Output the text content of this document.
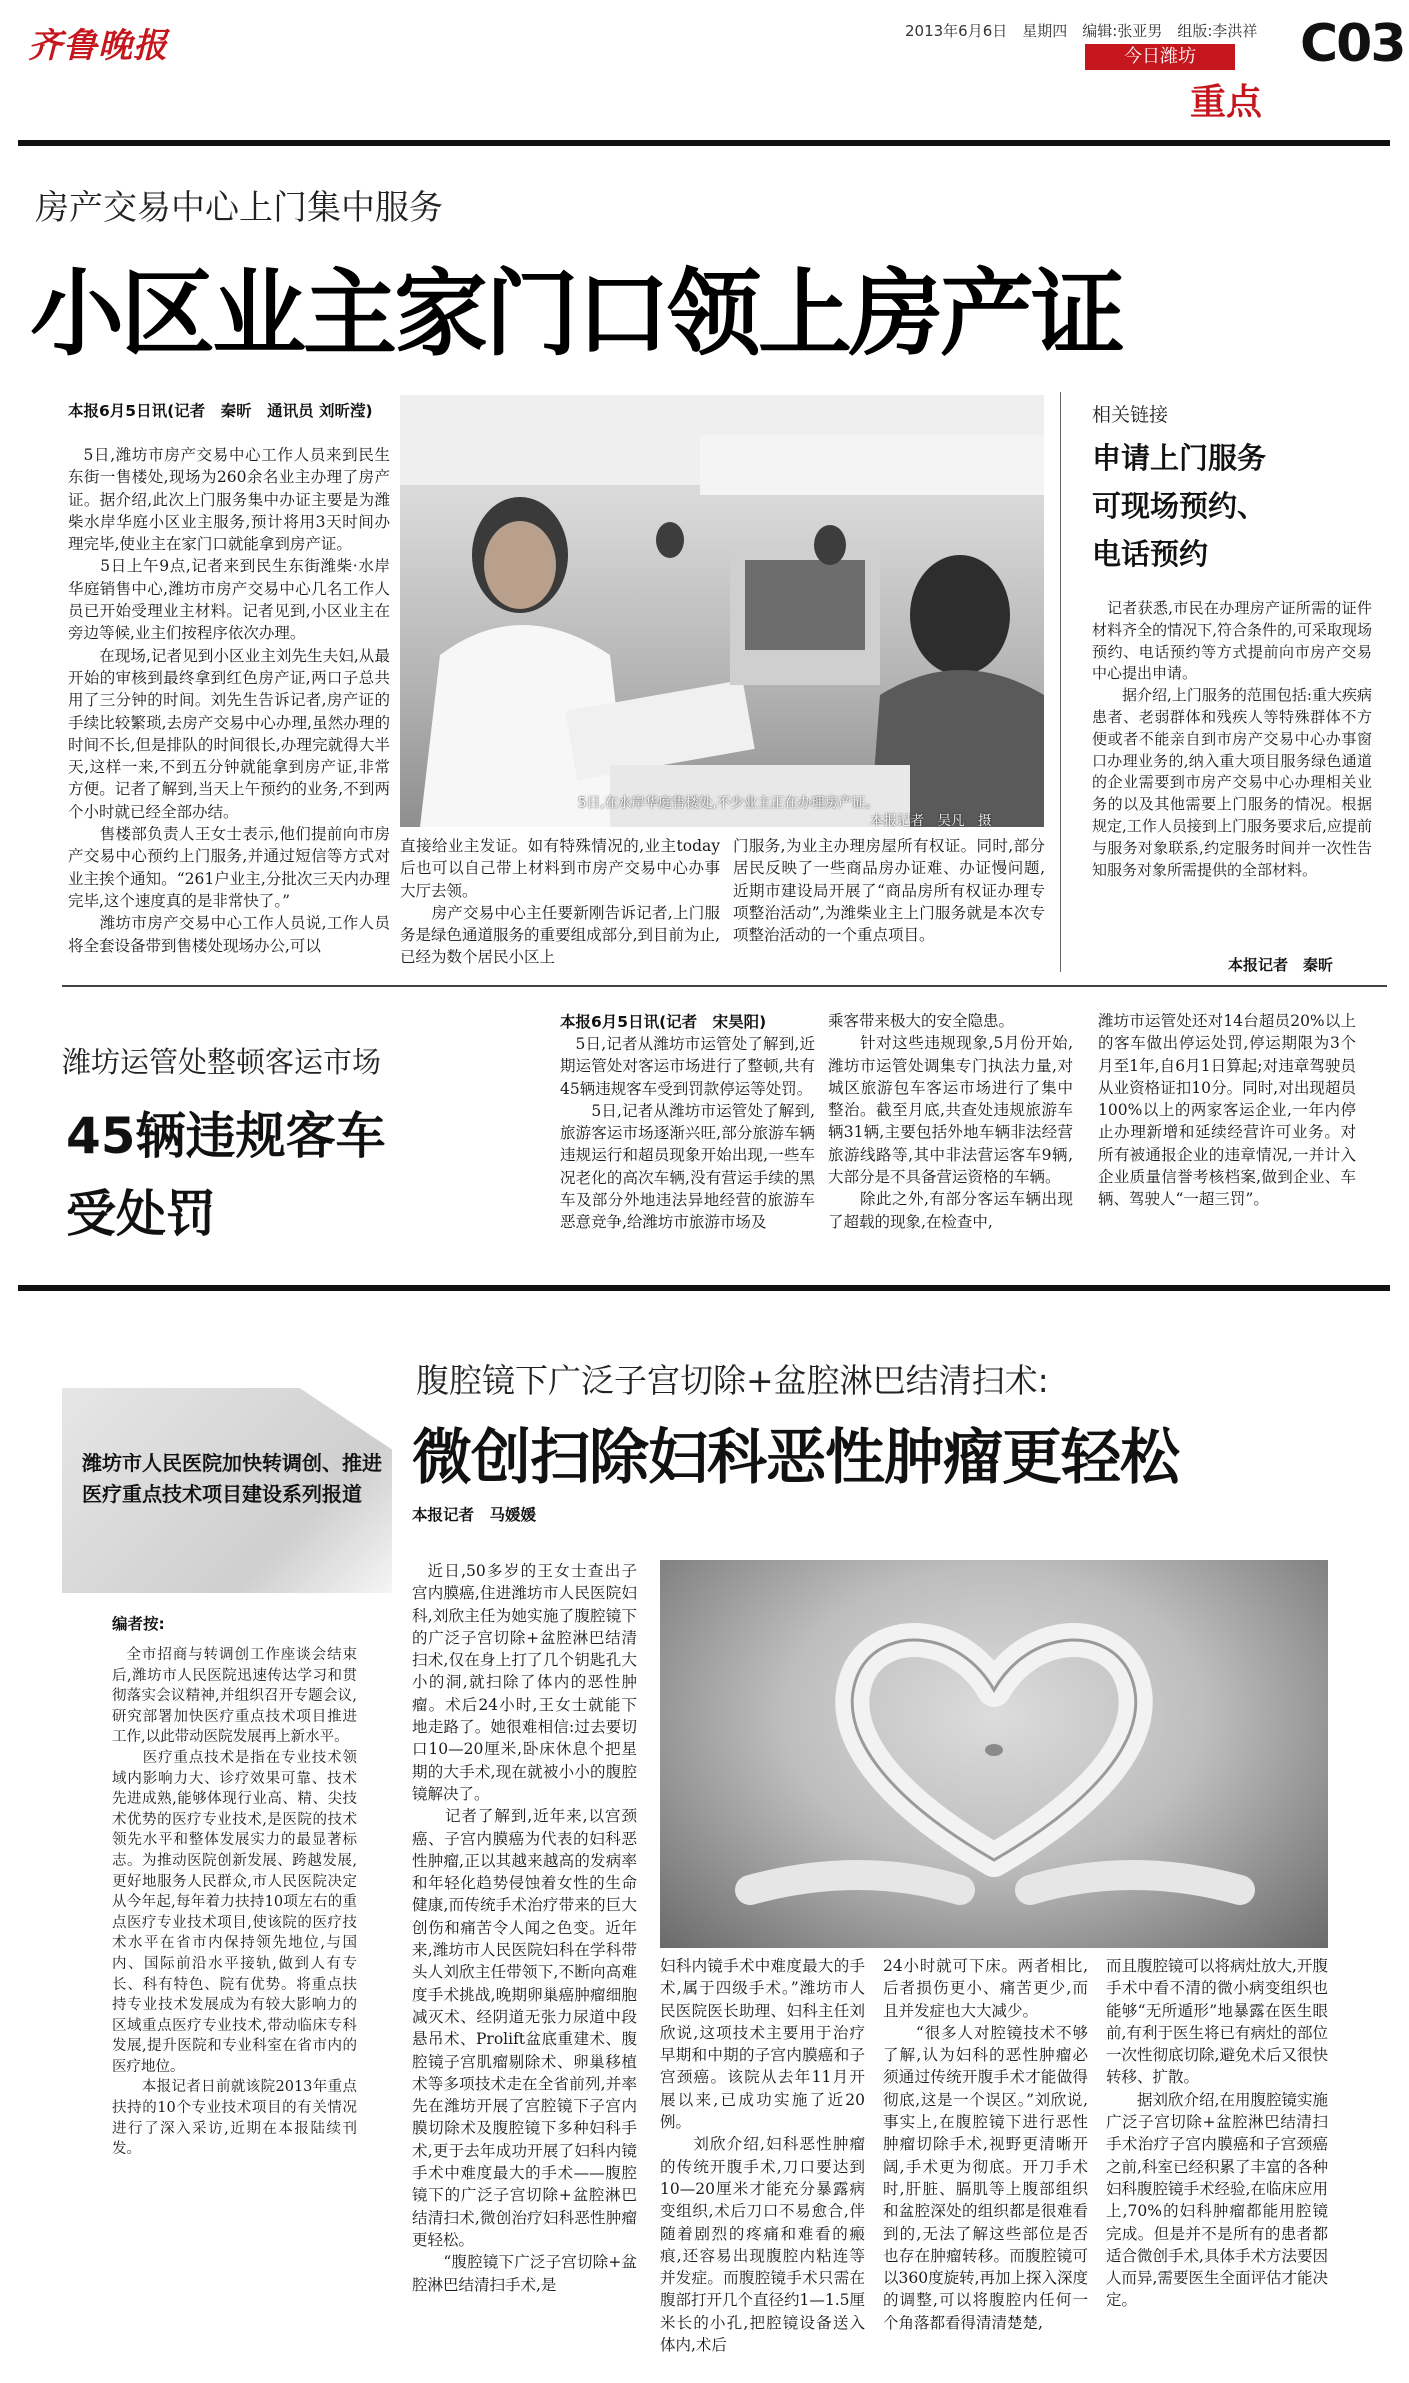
齐鲁晚报	2013年6月6日　星期四　编辑:张亚男　组版:李洪祥
今日潍坊
重点
C03
房产交易中心上门集中服务
小区业主家门口领上房产证
本报6月5日讯(记者　秦昕　通讯员 刘昕滢)
5日,潍坊市房产交易中心工作人员来到民生东街一售楼处,现场为260余名业主办理了房产证。据介绍,此次上门服务集中办证主要是为潍柴水岸华庭小区业主服务,预计将用3天时间办理完毕,使业主在家门口就能拿到房产证。
　　5日上午9点,记者来到民生东街潍柴·水岸华庭销售中心,潍坊市房产交易中心几名工作人员已开始受理业主材料。记者见到,小区业主在旁边等候,业主们按程序依次办理。
　　在现场,记者见到小区业主刘先生夫妇,从最开始的审核到最终拿到红色房产证,两口子总共用了三分钟的时间。刘先生告诉记者,房产证的手续比较繁琐,去房产交易中心办理,虽然办理的时间不长,但是排队的时间很长,办理完就得大半天,这样一来,不到五分钟就能拿到房产证,非常方便。记者了解到,当天上午预约的业务,不到两个小时就已经全部办结。
　　售楼部负责人王女士表示,他们提前向市房产交易中心预约上门服务,并通过短信等方式对业主挨个通知。“261户业主,分批次三天内办理完毕,这个速度真的是非常快了。”
　　潍坊市房产交易中心工作人员说,工作人员将全套设备带到售楼处现场办公,可以
5日,在水岸华庭售楼处,不少业主正在办理房产证。
本报记者　吴凡　摄
直接给业主发证。如有特殊情况的,业主today后也可以自己带上材料到市房产交易中心办事大厅去领。
　　房产交易中心主任要新刚告诉记者,上门服务是绿色通道服务的重要组成部分,到目前为止,已经为数个居民小区上
门服务,为业主办理房屋所有权证。同时,部分居民反映了一些商品房办证难、办证慢问题,近期市建设局开展了“商品房所有权证办理专项整治活动”,为潍柴业主上门服务就是本次专项整治活动的一个重点项目。
相关链接
申请上门服务
可现场预约、
电话预约
记者获悉,市民在办理房产证所需的证件材料齐全的情况下,符合条件的,可采取现场预约、电话预约等方式提前向市房产交易中心提出申请。
　　据介绍,上门服务的范围包括:重大疾病患者、老弱群体和残疾人等特殊群体不方便或者不能亲自到市房产交易中心办事窗口办理业务的,纳入重大项目服务绿色通道的企业需要到市房产交易中心办理相关业务的以及其他需要上门服务的情况。根据规定,工作人员接到上门服务要求后,应提前与服务对象联系,约定服务时间并一次性告知服务对象所需提供的全部材料。
本报记者　秦昕
潍坊运管处整顿客运市场
45辆违规客车
受处罚
本报6月5日讯(记者　宋昊阳)
5日,记者从潍坊市运管处了解到,近期运管处对客运市场进行了整顿,共有45辆违规客车受到罚款停运等处罚。
　　5日,记者从潍坊市运管处了解到,旅游客运市场逐渐兴旺,部分旅游车辆违规运行和超员现象开始出现,一些车况老化的高次车辆,没有营运手续的黑车及部分外地违法异地经营的旅游车恶意竞争,给潍坊市旅游市场及
乘客带来极大的安全隐患。
　　针对这些违规现象,5月份开始,潍坊市运管处调集专门执法力量,对城区旅游包车客运市场进行了集中整治。截至月底,共查处违规旅游车辆31辆,主要包括外地车辆非法经营旅游线路等,其中非法营运客车9辆,大部分是不具备营运资格的车辆。
　　除此之外,有部分客运车辆出现了超载的现象,在检查中,
潍坊市运管处还对14台超员20%以上的客车做出停运处罚,停运期限为3个月至1年,自6月1日算起;对违章驾驶员从业资格证扣10分。同时,对出现超员100%以上的两家客运企业,一年内停止办理新增和延续经营许可业务。对所有被通报企业的违章情况,一并计入企业质量信誉考核档案,做到企业、车辆、驾驶人“一超三罚”。
潍坊市人民医院加快转调创、推进医疗重点技术项目建设系列报道
编者按:
全市招商与转调创工作座谈会结束后,潍坊市人民医院迅速传达学习和贯彻落实会议精神,并组织召开专题会议,研究部署加快医疗重点技术项目推进工作,以此带动医院发展再上新水平。
　　医疗重点技术是指在专业技术领域内影响力大、诊疗效果可靠、技术先进成熟,能够体现行业高、精、尖技术优势的医疗专业技术,是医院的技术领先水平和整体发展实力的最显著标志。为推动医院创新发展、跨越发展,更好地服务人民群众,市人民医院决定从今年起,每年着力扶持10项左右的重点医疗专业技术项目,使该院的医疗技术水平在省市内保持领先地位,与国内、国际前沿水平接轨,做到人有专长、科有特色、院有优势。将重点扶持专业技术发展成为有较大影响力的区域重点医疗专业技术,带动临床专科发展,提升医院和专业科室在省市内的医疗地位。
　　本报记者日前就该院2013年重点扶持的10个专业技术项目的有关情况进行了深入采访,近期在本报陆续刊发。
腹腔镜下广泛子宫切除+盆腔淋巴结清扫术:
微创扫除妇科恶性肿瘤更轻松
本报记者　马媛媛
近日,50多岁的王女士查出子宫内膜癌,住进潍坊市人民医院妇科,刘欣主任为她实施了腹腔镜下的广泛子宫切除+盆腔淋巴结清扫术,仅在身上打了几个钥匙孔大小的洞,就扫除了体内的恶性肿瘤。术后24小时,王女士就能下地走路了。她很难相信:过去要切口10—20厘米,卧床休息个把星期的大手术,现在就被小小的腹腔镜解决了。
　　记者了解到,近年来,以宫颈癌、子宫内膜癌为代表的妇科恶性肿瘤,正以其越来越高的发病率和年轻化趋势侵蚀着女性的生命健康,而传统手术治疗带来的巨大创伤和痛苦令人闻之色变。近年来,潍坊市人民医院妇科在学科带头人刘欣主任带领下,不断向高难度手术挑战,晚期卵巢癌肿瘤细胞减灭术、经阴道无张力尿道中段悬吊术、Prolift盆底重建术、腹腔镜子宫肌瘤剔除术、卵巢移植术等多项技术走在全省前列,并率先在潍坊开展了宫腔镜下子宫内膜切除术及腹腔镜下多种妇科手术,更于去年成功开展了妇科内镜手术中难度最大的手术——腹腔镜下的广泛子宫切除+盆腔淋巴结清扫术,微创治疗妇科恶性肿瘤更轻松。
　　“腹腔镜下广泛子宫切除+盆腔淋巴结清扫手术,是
妇科内镜手术中难度最大的手术,属于四级手术。”潍坊市人民医院医长助理、妇科主任刘欣说,这项技术主要用于治疗早期和中期的子宫内膜癌和子宫颈癌。该院从去年11月开展以来,已成功实施了近20例。
　　刘欣介绍,妇科恶性肿瘤的传统开腹手术,刀口要达到10—20厘米才能充分暴露病变组织,术后刀口不易愈合,伴随着剧烈的疼痛和难看的瘢痕,还容易出现腹腔内粘连等并发症。而腹腔镜手术只需在腹部打开几个直径约1—1.5厘米长的小孔,把腔镜设备送入体内,术后
24小时就可下床。两者相比,后者损伤更小、痛苦更少,而且并发症也大大减少。
　　“很多人对腔镜技术不够了解,认为妇科的恶性肿瘤必须通过传统开腹手术才能做得彻底,这是一个误区。”刘欣说,事实上,在腹腔镜下进行恶性肿瘤切除手术,视野更清晰开阔,手术更为彻底。开刀手术时,肝脏、膈肌等上腹部组织和盆腔深处的组织都是很难看到的,无法了解这些部位是否也存在肿瘤转移。而腹腔镜可以360度旋转,再加上探入深度的调整,可以将腹腔内任何一个角落都看得清清楚楚,
而且腹腔镜可以将病灶放大,开腹手术中看不清的微小病变组织也能够“无所遁形”地暴露在医生眼前,有利于医生将已有病灶的部位一次性彻底切除,避免术后又很快转移、扩散。
　　据刘欣介绍,在用腹腔镜实施广泛子宫切除+盆腔淋巴结清扫手术治疗子宫内膜癌和子宫颈癌之前,科室已经积累了丰富的各种妇科腹腔镜手术经验,在临床应用上,70%的妇科肿瘤都能用腔镜完成。但是并不是所有的患者都适合微创手术,具体手术方法要因人而异,需要医生全面评估才能决定。
